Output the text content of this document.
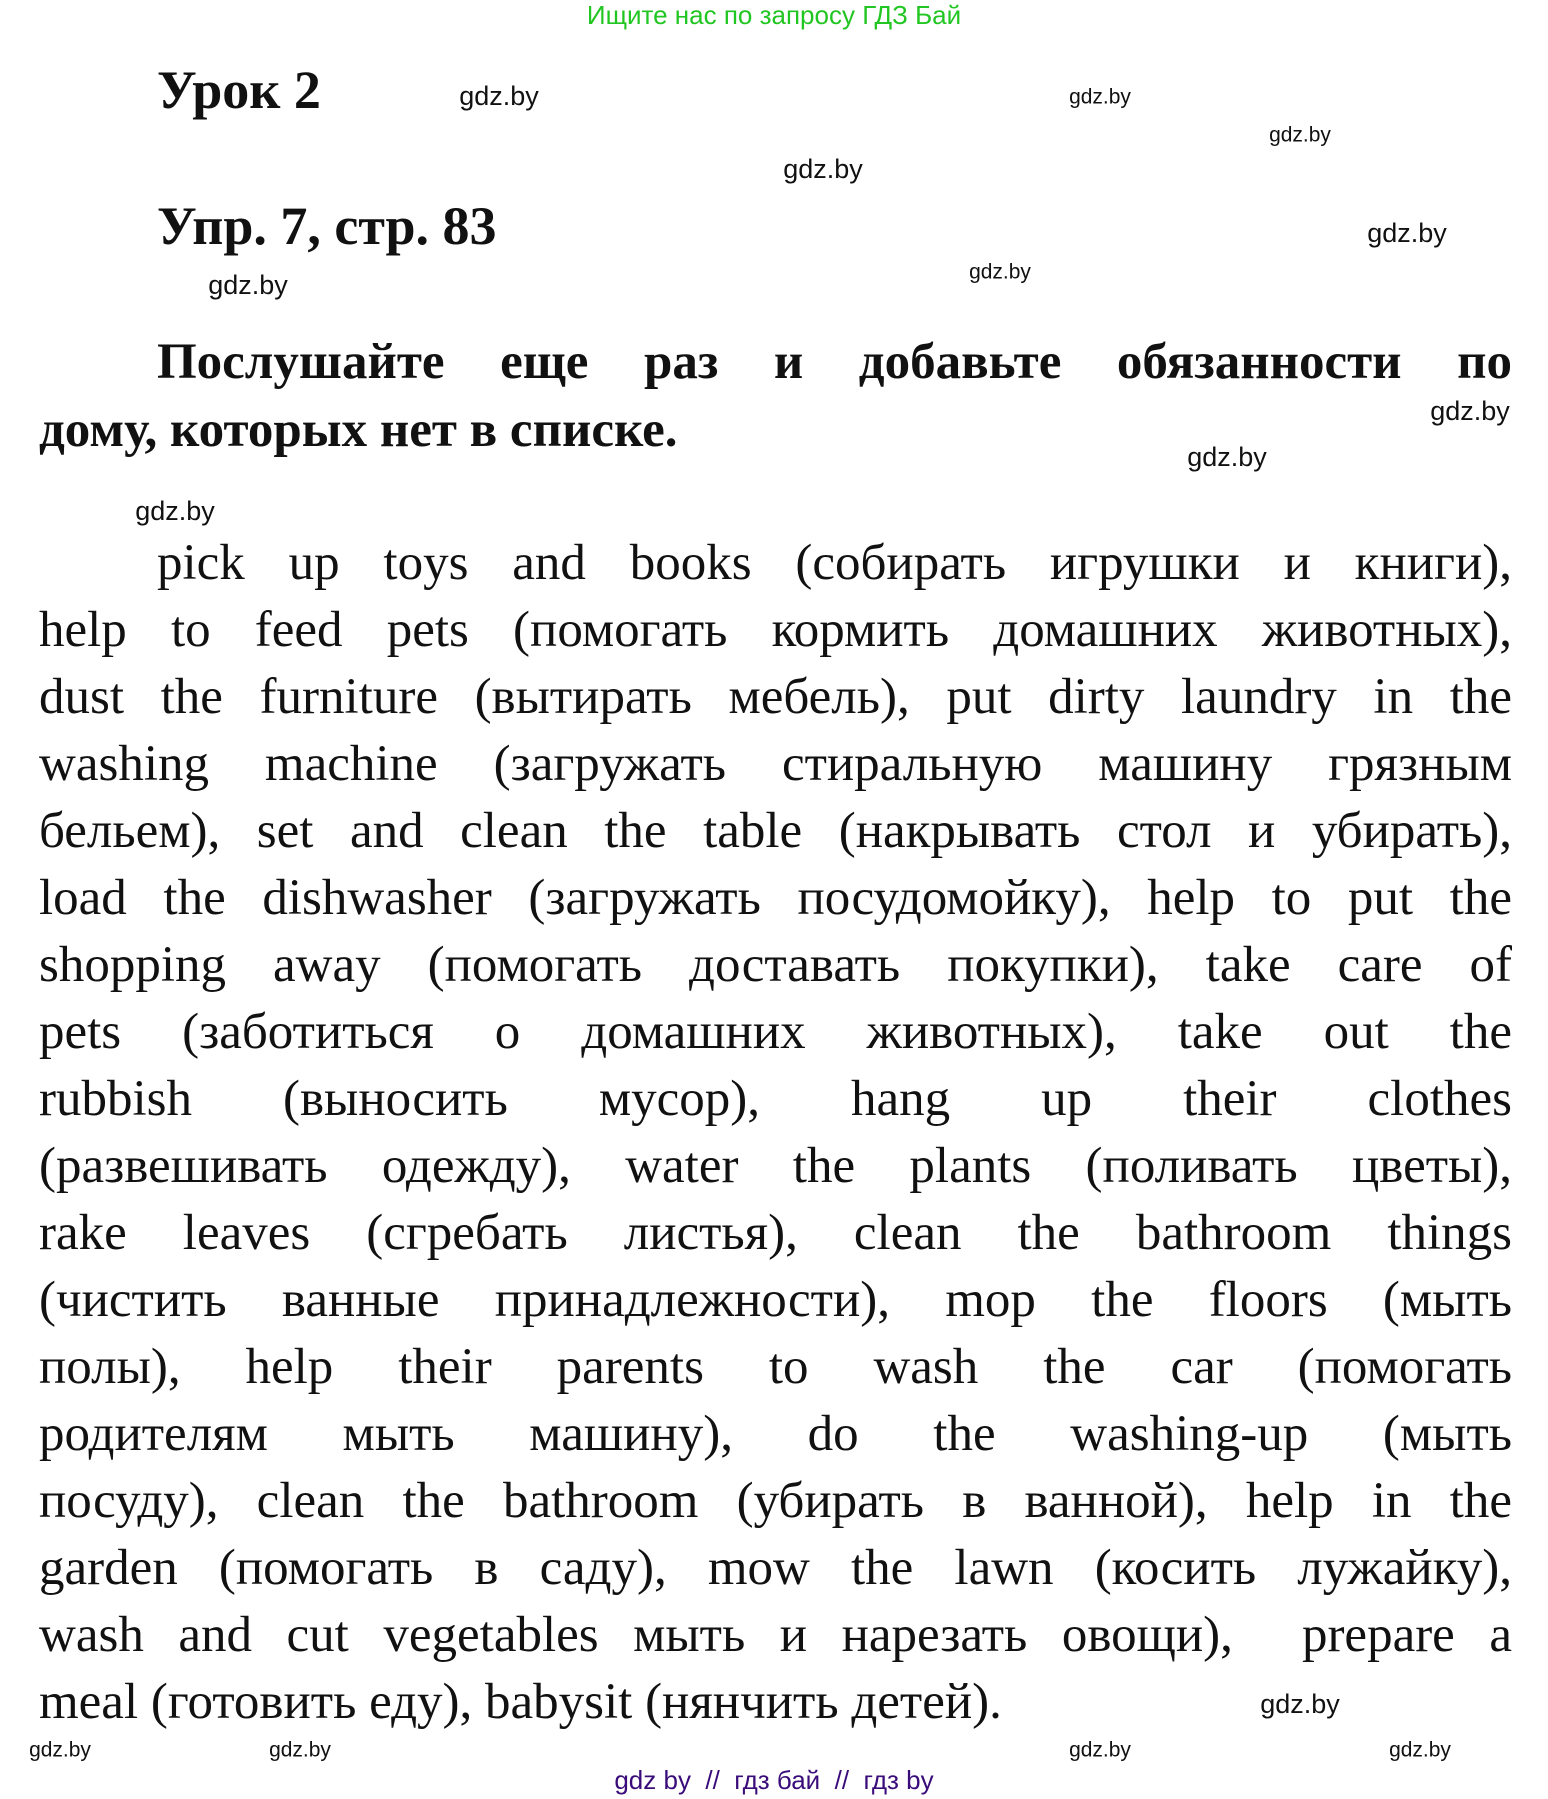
Ищите нас по запросу ГДЗ Бай
Урок 2
Упр. 7, стр. 83
Послушайте еще раз и добавьте обязанности по
дому, которых нет в списке.
pick up toys and books (собирать игрушки и книги),
help to feed pets (помогать кормить домашних животных),
dust the furniture (вытирать мебель), put dirty laundry in the
washing machine (загружать стиральную машину грязным
бельем), set and clean the table (накрывать стол и убирать),
load the dishwasher (загружать посудомойку), help to put the
shopping away (помогать доставать покупки), take care of
pets (заботиться о домашних животных), take out the
rubbish (выносить мусор), hang up their clothes
(развешивать одежду), water the plants (поливать цветы),
rake leaves (сгребать листья), clean the bathroom things
(чистить ванные принадлежности), mop the floors (мыть
полы), help their parents to wash the car (помогать
родителям мыть машину), do the washing-up (мыть
посуду), clean the bathroom (убирать в ванной), help in the
garden (помогать в саду), mow the lawn (косить лужайку),
wash and cut vegetables мыть и нарезать овощи),  prepare a
meal (готовить еду), babysit (нянчить детей).
gdz.by
gdz.by
gdz.by
gdz.by
gdz.by
gdz.by
gdz.by
gdz.by
gdz.by
gdz.by
gdz.by	gdz.by	gdz.by	gdz.by
gdz.by
gdz by  //  гдз бай  //  гдз by
